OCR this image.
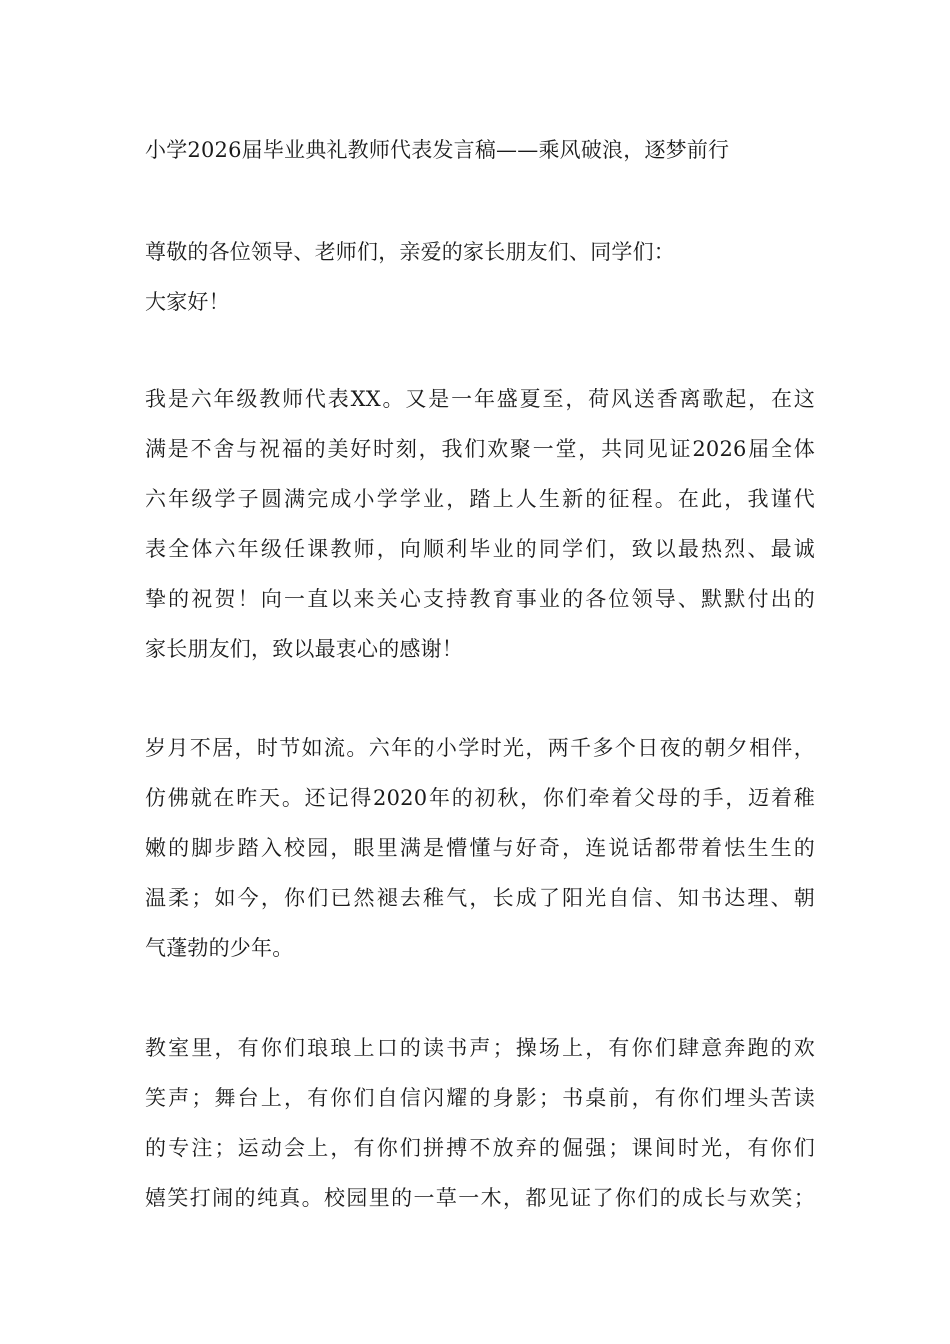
小学2026届毕业典礼教师代表发言稿——乘风破浪，逐梦前行
尊敬的各位领导、老师们，亲爱的家长朋友们、同学们：
大家好！
我是六年级教师代表XX。又是一年盛夏至，荷风送香离歌起，在这
满是不舍与祝福的美好时刻，我们欢聚一堂，共同见证2026届全体
六年级学子圆满完成小学学业，踏上人生新的征程。在此，我谨代
表全体六年级任课教师，向顺利毕业的同学们，致以最热烈、最诚
挚的祝贺！向一直以来关心支持教育事业的各位领导、默默付出的
家长朋友们，致以最衷心的感谢！
岁月不居，时节如流。六年的小学时光，两千多个日夜的朝夕相伴，
仿佛就在昨天。还记得2020年的初秋，你们牵着父母的手，迈着稚
嫩的脚步踏入校园，眼里满是懵懂与好奇，连说话都带着怯生生的
温柔；如今，你们已然褪去稚气，长成了阳光自信、知书达理、朝
气蓬勃的少年。
教室里，有你们琅琅上口的读书声；操场上，有你们肆意奔跑的欢
笑声；舞台上，有你们自信闪耀的身影；书桌前，有你们埋头苦读
的专注；运动会上，有你们拼搏不放弃的倔强；课间时光，有你们
嬉笑打闹的纯真。校园里的一草一木，都见证了你们的成长与欢笑；
